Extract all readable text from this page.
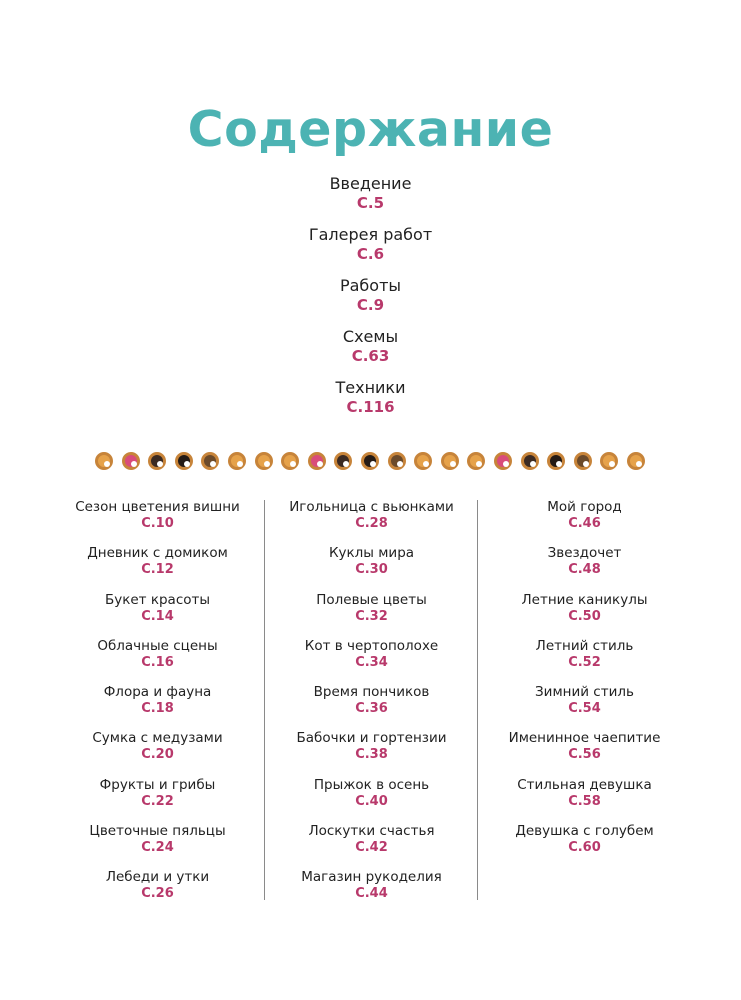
Содержание
Введение
С.5
Галерея работ
С.6
Работы
С.9
Схемы
С.63
Техники
С.116
Сезон цветения вишни
С.10
Дневник с домиком
С.12
Букет красоты
С.14
Облачные сцены
С.16
Флора и фауна
С.18
Сумка с медузами
С.20
Фрукты и грибы
С.22
Цветочные пяльцы
С.24
Лебеди и утки
С.26
Игольница с вьюнками
С.28
Куклы мира
С.30
Полевые цветы
С.32
Кот в чертополохе
С.34
Время пончиков
С.36
Бабочки и гортензии
С.38
Прыжок в осень
С.40
Лоскутки счастья
С.42
Магазин рукоделия
С.44
Мой город
С.46
Звездочет
С.48
Летние каникулы
С.50
Летний стиль
С.52
Зимний стиль
С.54
Именинное чаепитие
С.56
Стильная девушка
С.58
Девушка с голубем
С.60
